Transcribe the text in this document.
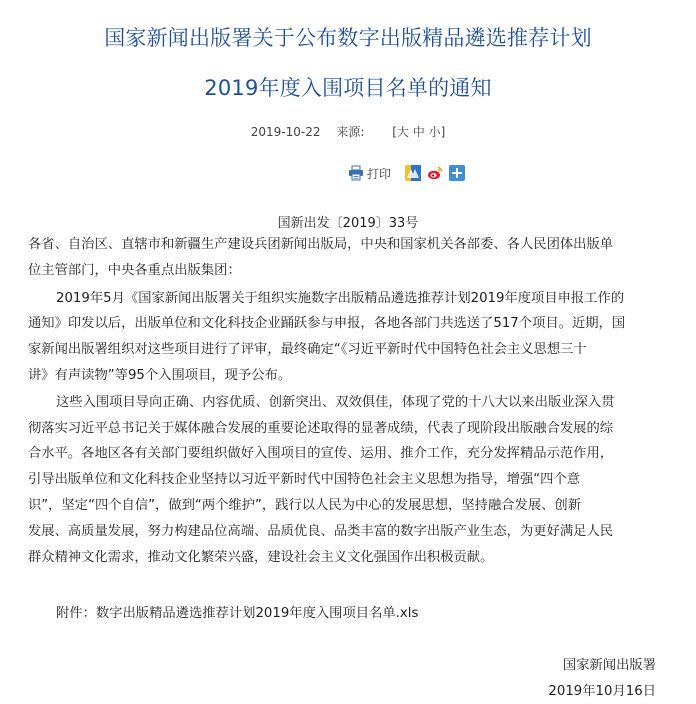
国家新闻出版署关于公布数字出版精品遴选推荐计划
2019年度入围项目名单的通知
2019-10-22 来源: [大 中 小]
打印
国新出发〔2019〕33号
各省、自治区、直辖市和新疆生产建设兵团新闻出版局，中央和国家机关各部委、各人民团体出版单
位主管部门，中央各重点出版集团：
2019年5月《国家新闻出版署关于组织实施数字出版精品遴选推荐计划2019年度项目申报工作的
通知》印发以后，出版单位和文化科技企业踊跃参与申报，各地各部门共选送了517个项目。近期，国
家新闻出版署组织对这些项目进行了评审，最终确定“《习近平新时代中国特色社会主义思想三十
讲》有声读物”等95个入围项目，现予公布。
这些入围项目导向正确、内容优质、创新突出、双效俱佳，体现了党的十八大以来出版业深入贯
彻落实习近平总书记关于媒体融合发展的重要论述取得的显著成绩，代表了现阶段出版融合发展的综
合水平。各地区各有关部门要组织做好入围项目的宣传、运用、推介工作，充分发挥精品示范作用，
引导出版单位和文化科技企业坚持以习近平新时代中国特色社会主义思想为指导，增强“四个意
识”，坚定“四个自信”，做到“两个维护”，践行以人民为中心的发展思想，坚持融合发展、创新
发展、高质量发展，努力构建品位高端、品质优良、品类丰富的数字出版产业生态，为更好满足人民
群众精神文化需求，推动文化繁荣兴盛，建设社会主义文化强国作出积极贡献。
附件：数字出版精品遴选推荐计划2019年度入围项目名单.xls
国家新闻出版署
2019年10月16日
